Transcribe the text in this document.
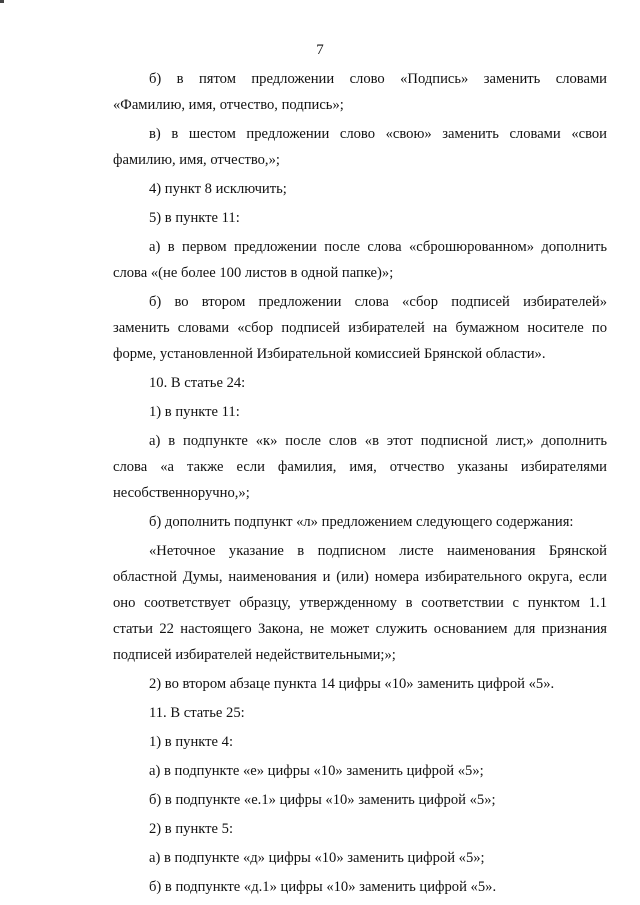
7

б) в пятом предложении слово «Подпись» заменить словами

«Фамилию, имя, отчество, подпись»;

в) в шестом предложении слово «свою» заменить словами «свои

фамилию, имя, отчество,»;

4) пункт 8 исключить;

5) в пункте 11:

а) в первом предложении после слова «сброшюрованном» дополнить

слова «(не более 100 листов в одной папке)»;

б) во втором предложении слова «сбор подписей избирателей»

заменить словами «сбор подписей избирателей на бумажном носителе по

форме, установленной Избирательной комиссией Брянской области».

10. В статье 24:

1) в пункте 11:

а) в подпункте «к» после слов «в этот подписной лист,» дополнить

слова «а также если фамилия, имя, отчество указаны избирателями

несобственноручно,»;

б) дополнить подпункт «л» предложением следующего содержания:

«Неточное указание в подписном листе наименования Брянской

областной Думы, наименования и (или) номера избирательного округа, если

оно соответствует образцу, утвержденному в соответствии с пунктом 1.1

статьи 22 настоящего Закона, не может служить основанием для признания

подписей избирателей недействительными;»;

2) во втором абзаце пункта 14 цифры «10» заменить цифрой «5».

11. В статье 25:

1) в пункте 4:

а) в подпункте «е» цифры «10» заменить цифрой «5»;

б) в подпункте «е.1» цифры «10» заменить цифрой «5»;

2) в пункте 5:

а) в подпункте «д» цифры «10» заменить цифрой «5»;

б) в подпункте «д.1» цифры «10» заменить цифрой «5».
